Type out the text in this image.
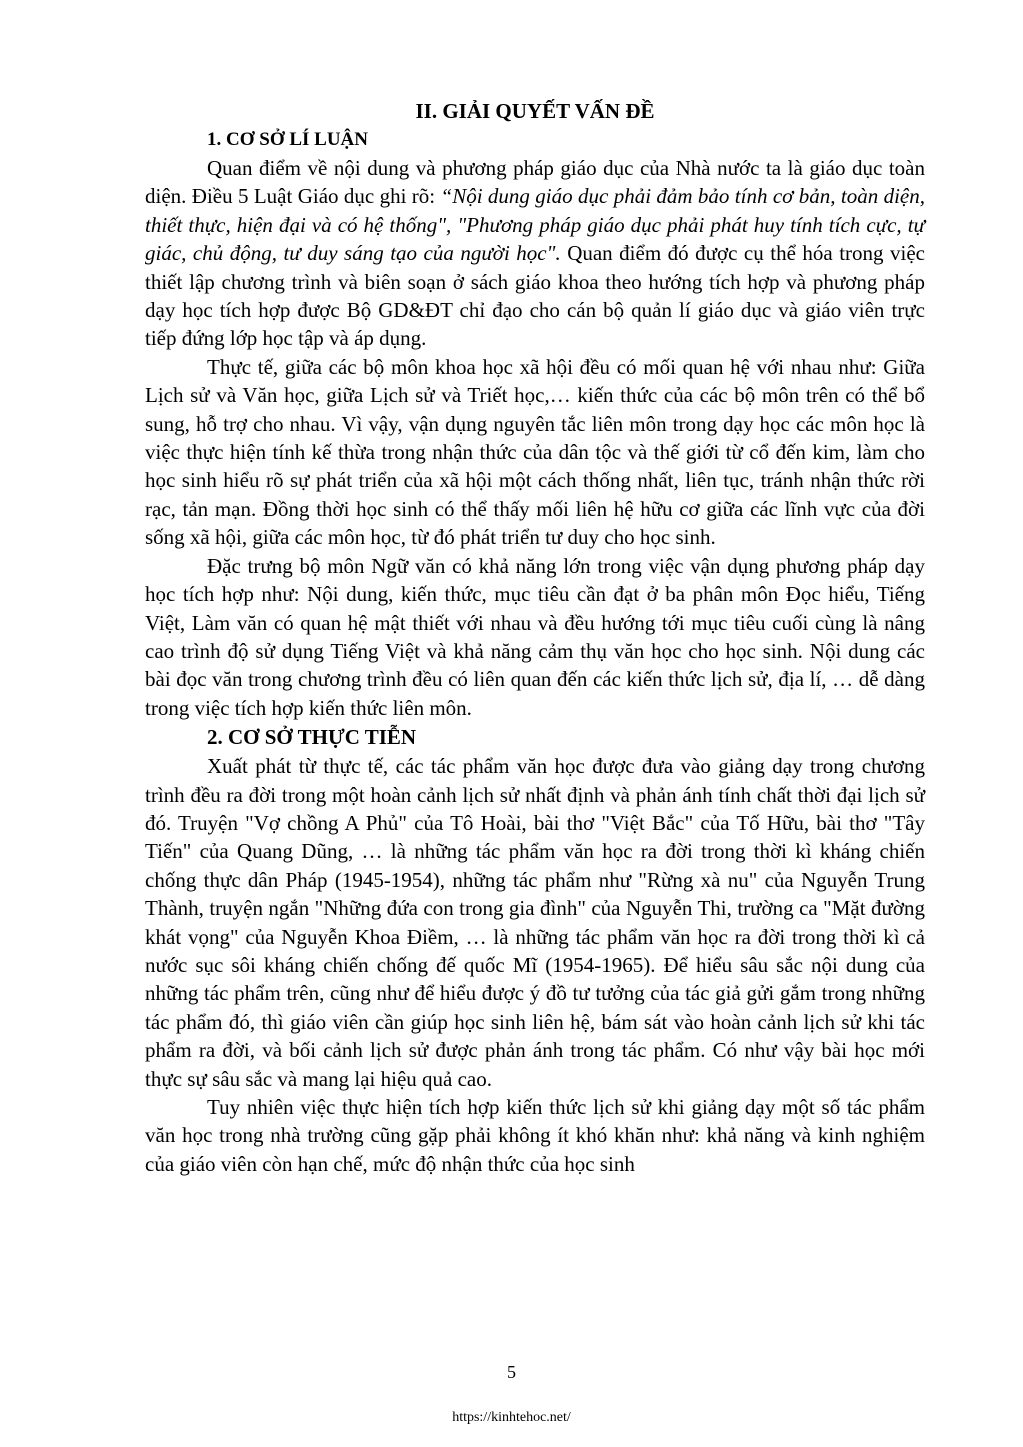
II. GIẢI QUYẾT VẤN ĐỀ
1. CƠ SỞ LÍ LUẬN

Quan điểm về nội dung và phương pháp giáo dục của Nhà nước ta là giáo dục toàn diện. Điều 5 Luật Giáo dục ghi rõ: “Nội dung giáo dục phải đảm bảo tính cơ bản, toàn diện, thiết thực, hiện đại và có hệ thống", "Phương pháp giáo dục phải phát huy tính tích cực, tự giác, chủ động, tư duy sáng tạo của người học". Quan điểm đó được cụ thể hóa trong việc thiết lập chương trình và biên soạn ở sách giáo khoa theo hướng tích hợp và phương pháp dạy học tích hợp được Bộ GD&ĐT chỉ đạo cho cán bộ quản lí giáo dục và giáo viên trực tiếp đứng lớp học tập và áp dụng.

Thực tế, giữa các bộ môn khoa học xã hội đều có mối quan hệ với nhau như: Giữa Lịch sử và Văn học, giữa Lịch sử và Triết học,… kiến thức của các bộ môn trên có thể bổ sung, hỗ trợ cho nhau. Vì vậy, vận dụng nguyên tắc liên môn trong dạy học các môn học là việc thực hiện tính kế thừa trong nhận thức của dân tộc và thế giới từ cổ đến kim, làm cho học sinh hiểu rõ sự phát triển của xã hội một cách thống nhất, liên tục, tránh nhận thức rời rạc, tản mạn. Đồng thời học sinh có thể thấy mối liên hệ hữu cơ giữa các lĩnh vực của đời sống xã hội, giữa các môn học, từ đó phát triển tư duy cho học sinh.

Đặc trưng bộ môn Ngữ văn có khả năng lớn trong việc vận dụng phương pháp dạy học tích hợp như: Nội dung, kiến thức, mục tiêu cần đạt ở ba phân môn Đọc hiểu, Tiếng Việt, Làm văn có quan hệ mật thiết với nhau và đều hướng tới mục tiêu cuối cùng là nâng cao trình độ sử dụng Tiếng Việt và khả năng cảm thụ văn học cho học sinh. Nội dung các bài đọc văn trong chương trình đều có liên quan đến các kiến thức lịch sử, địa lí, … dễ dàng trong việc tích hợp kiến thức liên môn.

2. CƠ SỞ THỰC TIỄN

Xuất phát từ thực tế, các tác phẩm văn học được đưa vào giảng dạy trong chương trình đều ra đời trong một hoàn cảnh lịch sử nhất định và phản ánh tính chất thời đại lịch sử đó. Truyện "Vợ chồng A Phủ" của Tô Hoài, bài thơ "Việt Bắc" của Tố Hữu, bài thơ "Tây Tiến" của Quang Dũng, … là những tác phẩm văn học ra đời trong thời kì kháng chiến chống thực dân Pháp (1945-1954), những tác phẩm như "Rừng xà nu" của Nguyễn Trung Thành, truyện ngắn "Những đứa con trong gia đình" của Nguyễn Thi, trường ca "Mặt đường khát vọng" của Nguyễn Khoa Điềm, … là những tác phẩm văn học ra đời trong thời kì cả nước sục sôi kháng chiến chống đế quốc Mĩ (1954-1965). Để hiểu sâu sắc nội dung của những tác phẩm trên, cũng như để hiểu được ý đồ tư tưởng của tác giả gửi gắm trong những tác phẩm đó, thì giáo viên cần giúp học sinh liên hệ, bám sát vào hoàn cảnh lịch sử khi tác phẩm ra đời, và bối cảnh lịch sử được phản ánh trong tác phẩm. Có như vậy bài học mới thực sự sâu sắc và mang lại hiệu quả cao.

Tuy nhiên việc thực hiện tích hợp kiến thức lịch sử khi giảng dạy một số tác phẩm văn học trong nhà trường cũng gặp phải không ít khó khăn như: khả năng và kinh nghiệm của giáo viên còn hạn chế, mức độ nhận thức của học sinh

5
https://kinhtehoc.net/
